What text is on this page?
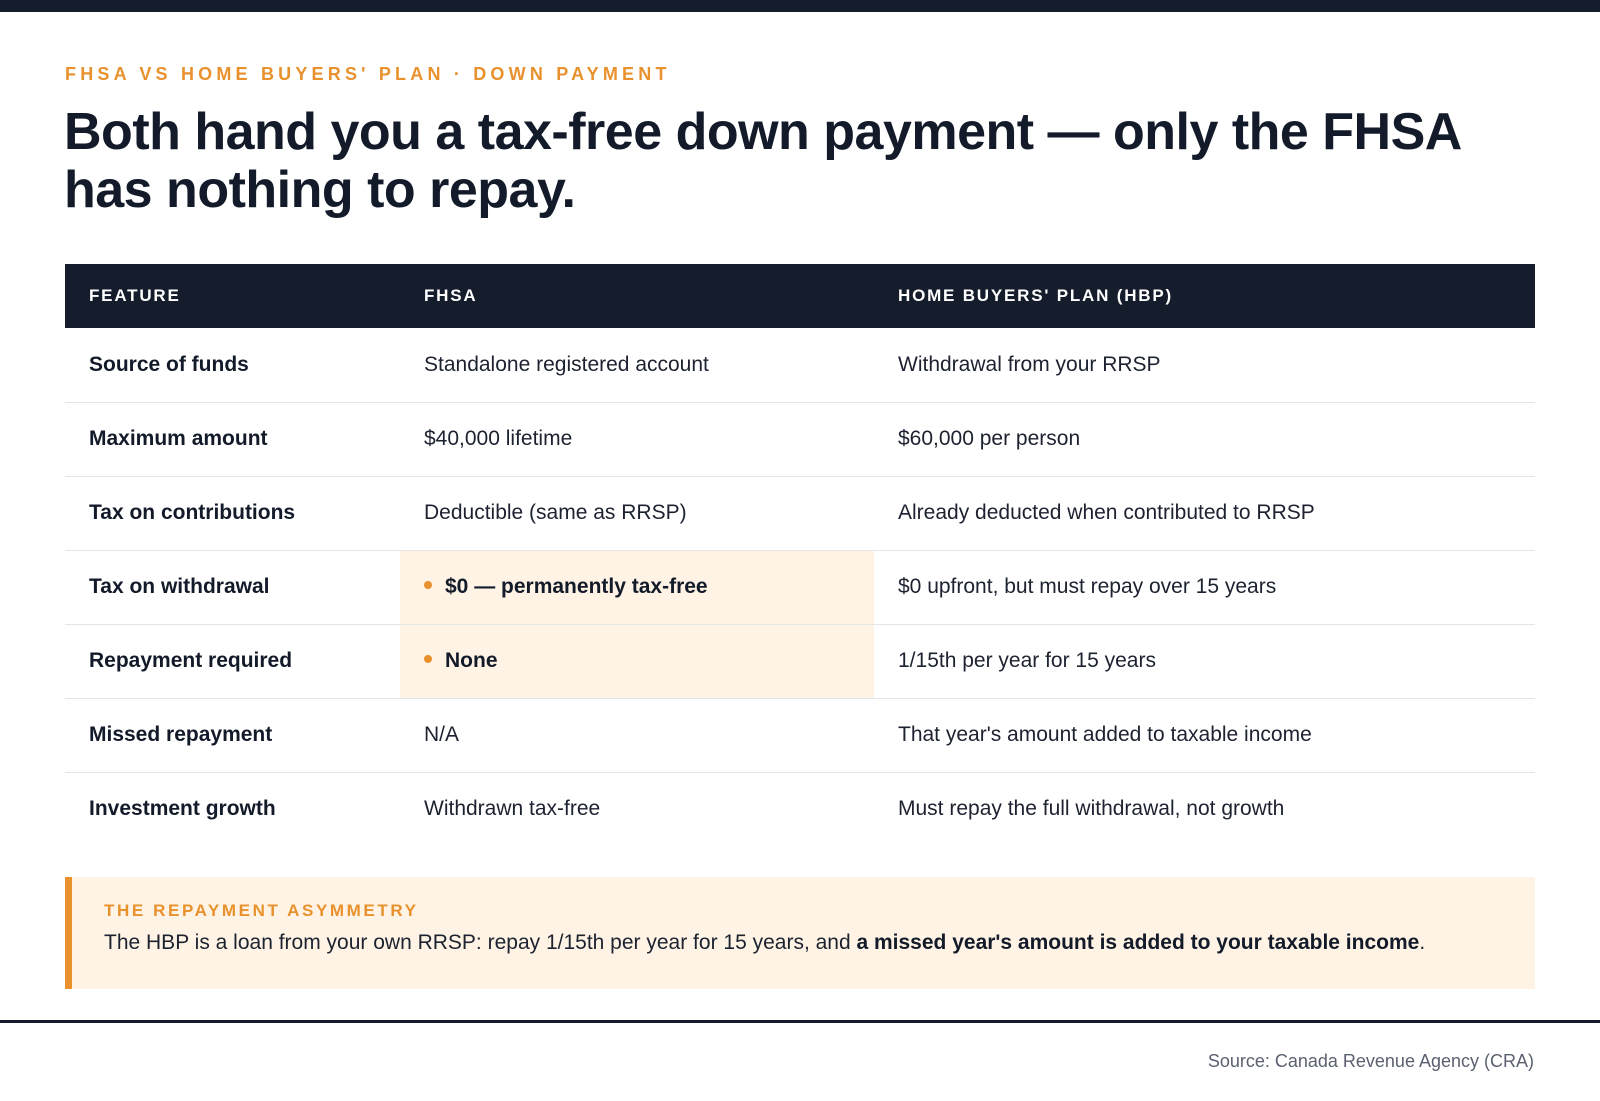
FHSA VS HOME BUYERS' PLAN · DOWN PAYMENT
Both hand you a tax-free down payment — only the FHSA has nothing to repay.
FEATURE	FHSA	HOME BUYERS' PLAN (HBP)
Source of funds	Standalone registered account	Withdrawal from your RRSP
Maximum amount	$40,000 lifetime	$60,000 per person
Tax on contributions	Deductible (same as RRSP)	Already deducted when contributed to RRSP
Tax on withdrawal	$0 — permanently tax-free	$0 upfront, but must repay over 15 years
Repayment required	None	1/15th per year for 15 years
Missed repayment	N/A	That year's amount added to taxable income
Investment growth	Withdrawn tax-free	Must repay the full withdrawal, not growth
THE REPAYMENT ASYMMETRY
The HBP is a loan from your own RRSP: repay 1/15th per year for 15 years, and a missed year's amount is added to your taxable income.
Source: Canada Revenue Agency (CRA)
